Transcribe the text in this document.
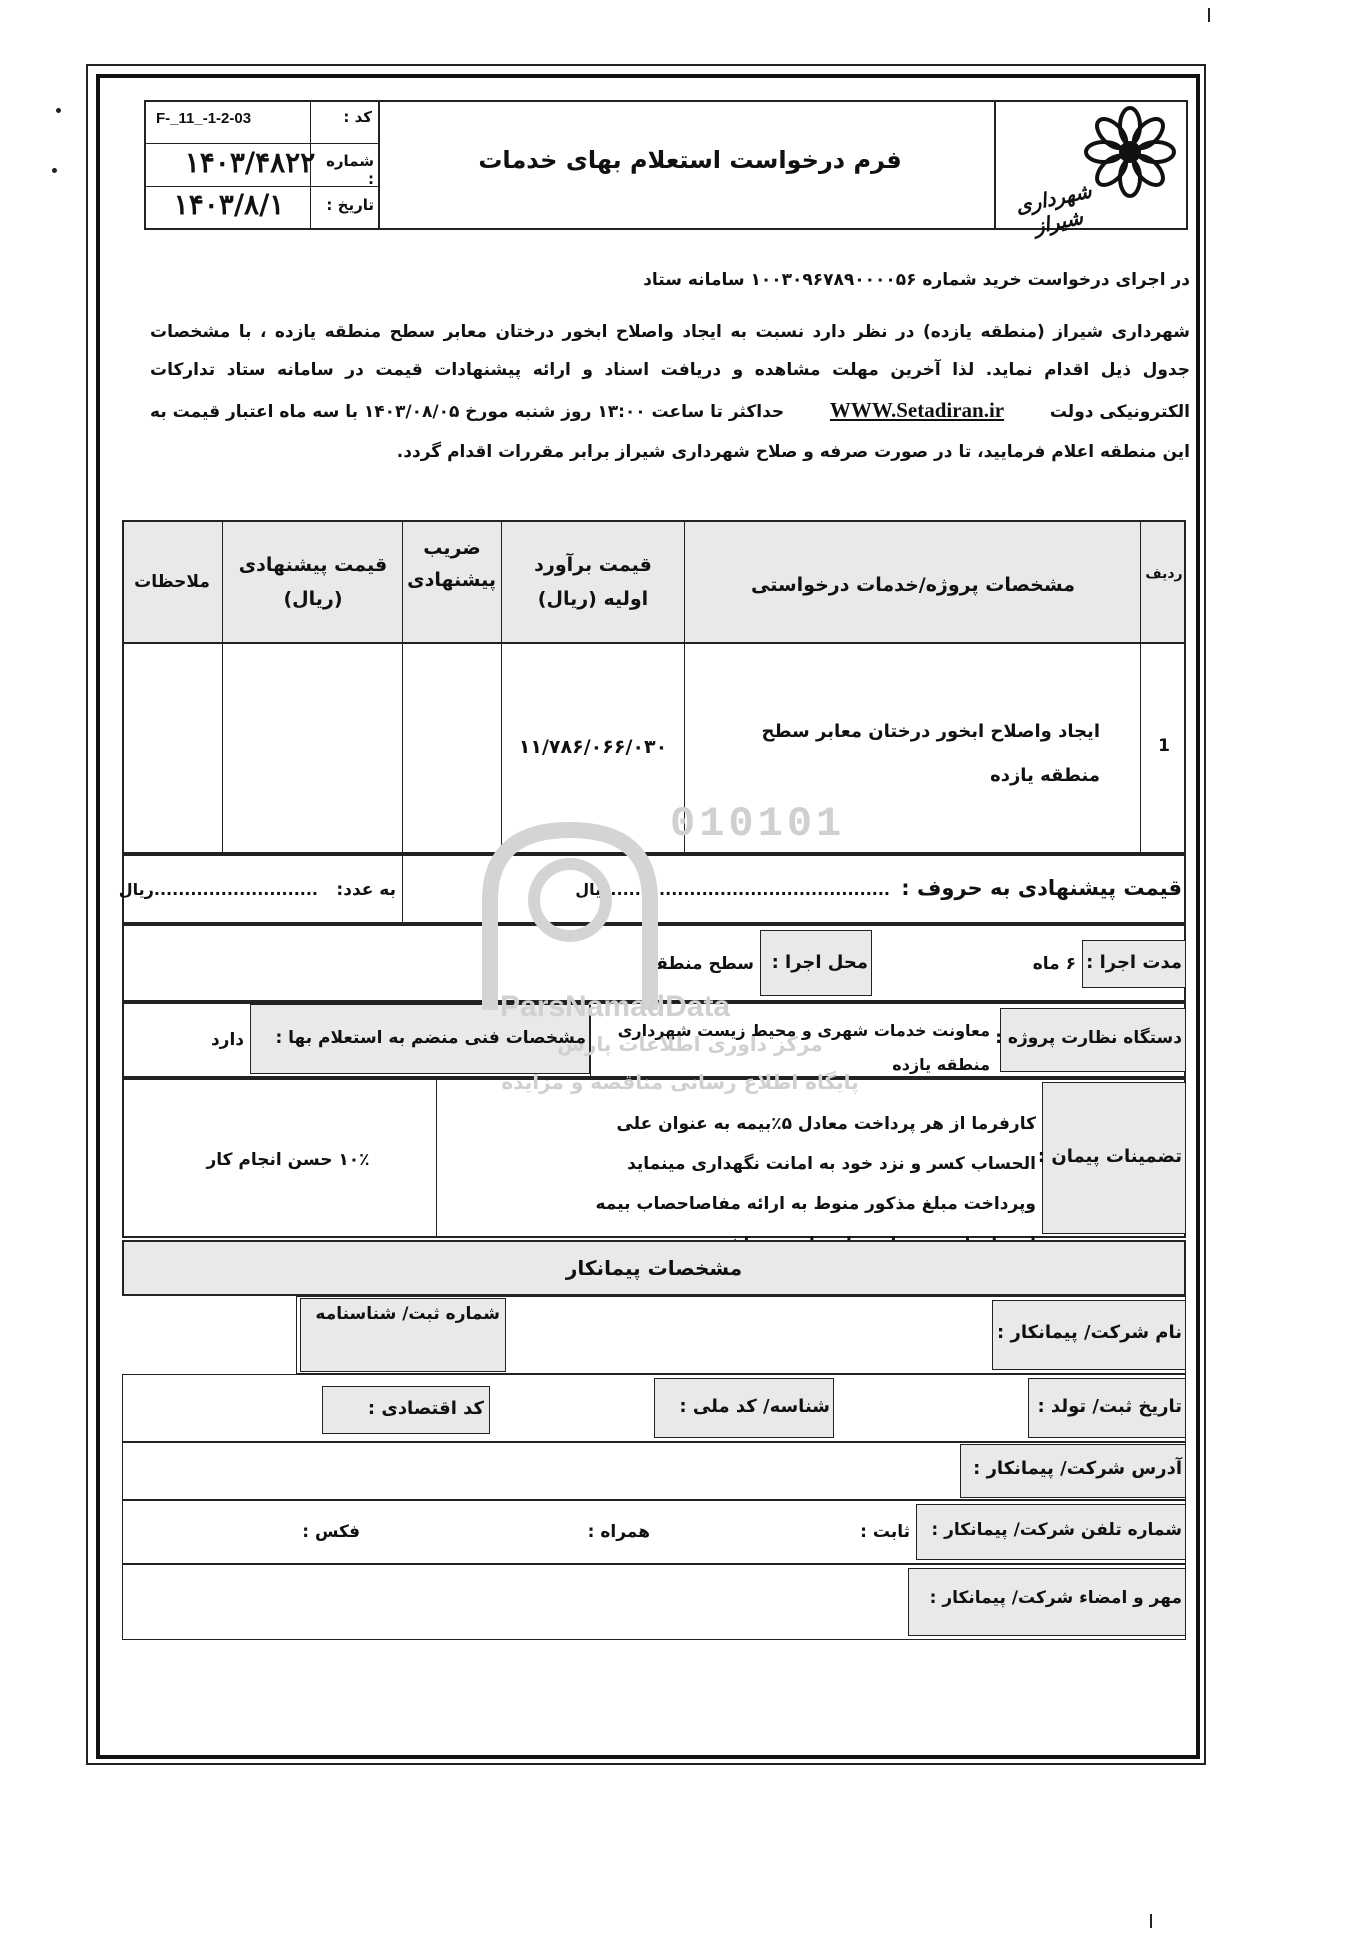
شهرداری شیراز
فرم درخواست استعلام بهای خدمات
کد :
F-_11_-1-2-03
شماره :
۱۴۰۳/۴۸۲۲
تاریخ :
۱۴۰۳/۸/۱
در اجرای درخواست خرید شماره ۱۰۰۳۰۹۶۷۸۹۰۰۰۰۵۶ سامانه ستاد
شهرداری شیراز (منطقه یازده) در نظر دارد نسبت به ایجاد واصلاح ابخور درختان معابر سطح منطقه یازده ، با مشخصات
جدول ذیل اقدام نماید. لذا آخرین مهلت مشاهده و دریافت اسناد و ارائه پیشنهادات قیمت در سامانه ستاد تدارکات
الکترونیکی دولت
WWW.Setadiran.ir
حداکثر تا ساعت ۱۳:۰۰ روز شنبه مورخ ۱۴۰۳/۰۸/۰۵ با سه ماه اعتبار قیمت به
این منطقه اعلام فرمایید، تا در صورت صرفه و صلاح شهرداری شیراز برابر مقررات اقدام گردد.
ردیف
مشخصات پروژه/خدمات درخواستی
قیمت برآورد اولیه (ریال)
ضریب پیشنهادی
قیمت پیشنهادی (ریال)
ملاحظات
1
ایجاد واصلاح ابخور درختان معابر سطح منطقه یازده
۱۱/۷۸۶/۰۶۶/۰۳۰
قیمت پیشنهادی به حروف :
..............................................ریال
به عدد:
...........................ریال
مدت اجرا :
۶ ماه
محل اجرا :
سطح منطقه
دستگاه نظارت پروژه :
معاونت خدمات شهری و محیط زیست شهرداری منطقه یازده
مشخصات فنی منضم به استعلام بها :
دارد
تضمینات پیمان :
کارفرما از هر پرداخت معادل ۵٪بیمه به عنوان علی الحساب کسر و نزد خود به امانت نگهداری مینماید وپرداخت مبلغ مذکور منوط به ارائه مفاصاحصاب بیمه
۱۰٪ حسن انجام کار
مشخصات پیمانکار
نام شرکت/ پیمانکار :
شماره ثبت/ شناسنامه
تاریخ ثبت/ تولد :
شناسه/ کد ملی :
کد اقتصادی :
آدرس شرکت/ پیمانکار :
شماره تلفن شرکت/ پیمانکار :
ثابت :
همراه :
فکس :
مهر و امضاء شرکت/ پیمانکار :
010101
ParsNamadData
مرکز داوری اطلاعات پارس
پایگاه اطلاع رسانی مناقصه و مزایده
